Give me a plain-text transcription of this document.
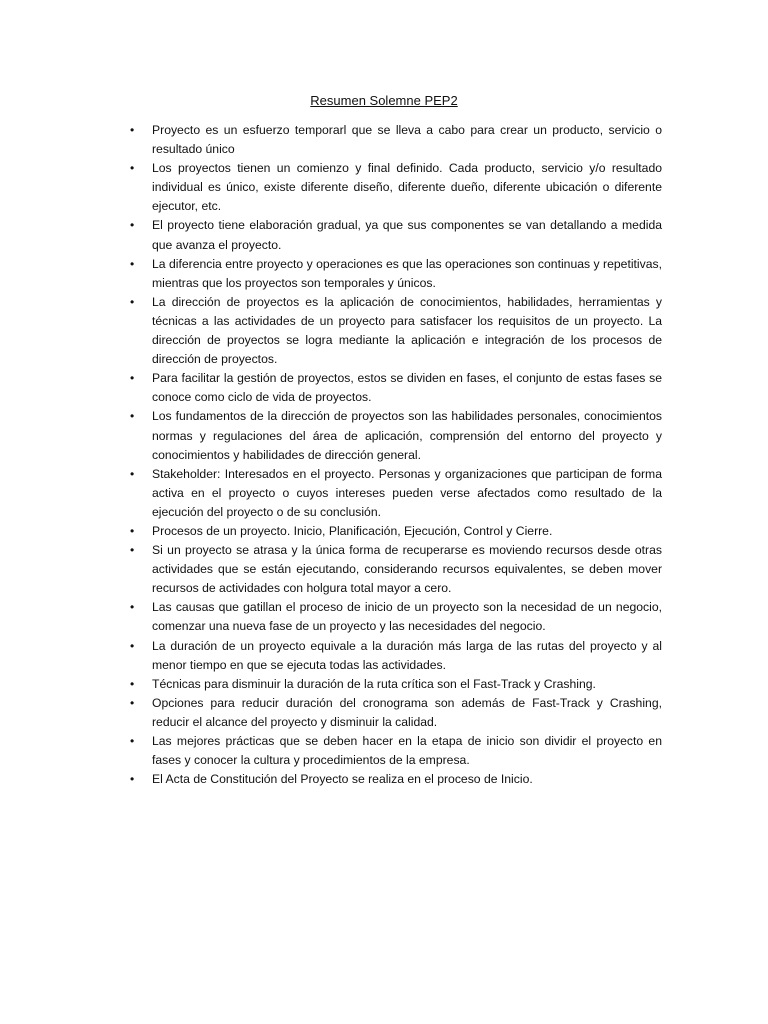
Resumen Solemne PEP2
• Proyecto es un esfuerzo temporarl que se lleva a cabo para crear un producto, servicio o resultado único
• Los proyectos tienen un comienzo y final definido. Cada producto, servicio y/o resultado individual es único, existe diferente diseño, diferente dueño, diferente ubicación o diferente ejecutor, etc.
• El proyecto tiene elaboración gradual, ya que sus componentes se van detallando a medida que avanza el proyecto.
• La diferencia entre proyecto y operaciones es que las operaciones son continuas y repetitivas, mientras que los proyectos son temporales y únicos.
• La dirección de proyectos es la aplicación de conocimientos, habilidades, herramientas y técnicas a las actividades de un proyecto para satisfacer los requisitos de un proyecto. La dirección de proyectos se logra mediante la aplicación e integración de los procesos de dirección de proyectos.
• Para facilitar la gestión de proyectos, estos se dividen en fases, el conjunto de estas fases se conoce como ciclo de vida de proyectos.
• Los fundamentos de la dirección de proyectos son las habilidades personales, conocimientos normas y regulaciones del área de aplicación, comprensión del entorno del proyecto y conocimientos y habilidades de dirección general.
• Stakeholder: Interesados en el proyecto. Personas y organizaciones que participan de forma activa en el proyecto o cuyos intereses pueden verse afectados como resultado de la ejecución del proyecto o de su conclusión.
• Procesos de un proyecto. Inicio, Planificación, Ejecución, Control y Cierre.
• Si un proyecto se atrasa y la única forma de recuperarse es moviendo recursos desde otras actividades que se están ejecutando, considerando recursos equivalentes, se deben mover recursos de actividades con holgura total mayor a cero.
• Las causas que gatillan el proceso de inicio de un proyecto son la necesidad de un negocio, comenzar una nueva fase de un proyecto y las necesidades del negocio.
• La duración de un proyecto equivale a la duración más larga de las rutas del proyecto y al menor tiempo en que se ejecuta todas las actividades.
• Técnicas para disminuir la duración de la ruta crítica son el Fast-Track y Crashing.
• Opciones para reducir duración del cronograma son además de Fast-Track y Crashing, reducir el alcance del proyecto y disminuir la calidad.
• Las mejores prácticas que se deben hacer en la etapa de inicio son dividir el proyecto en fases y conocer la cultura y procedimientos de la empresa.
• El Acta de Constitución del Proyecto se realiza en el proceso de Inicio.
